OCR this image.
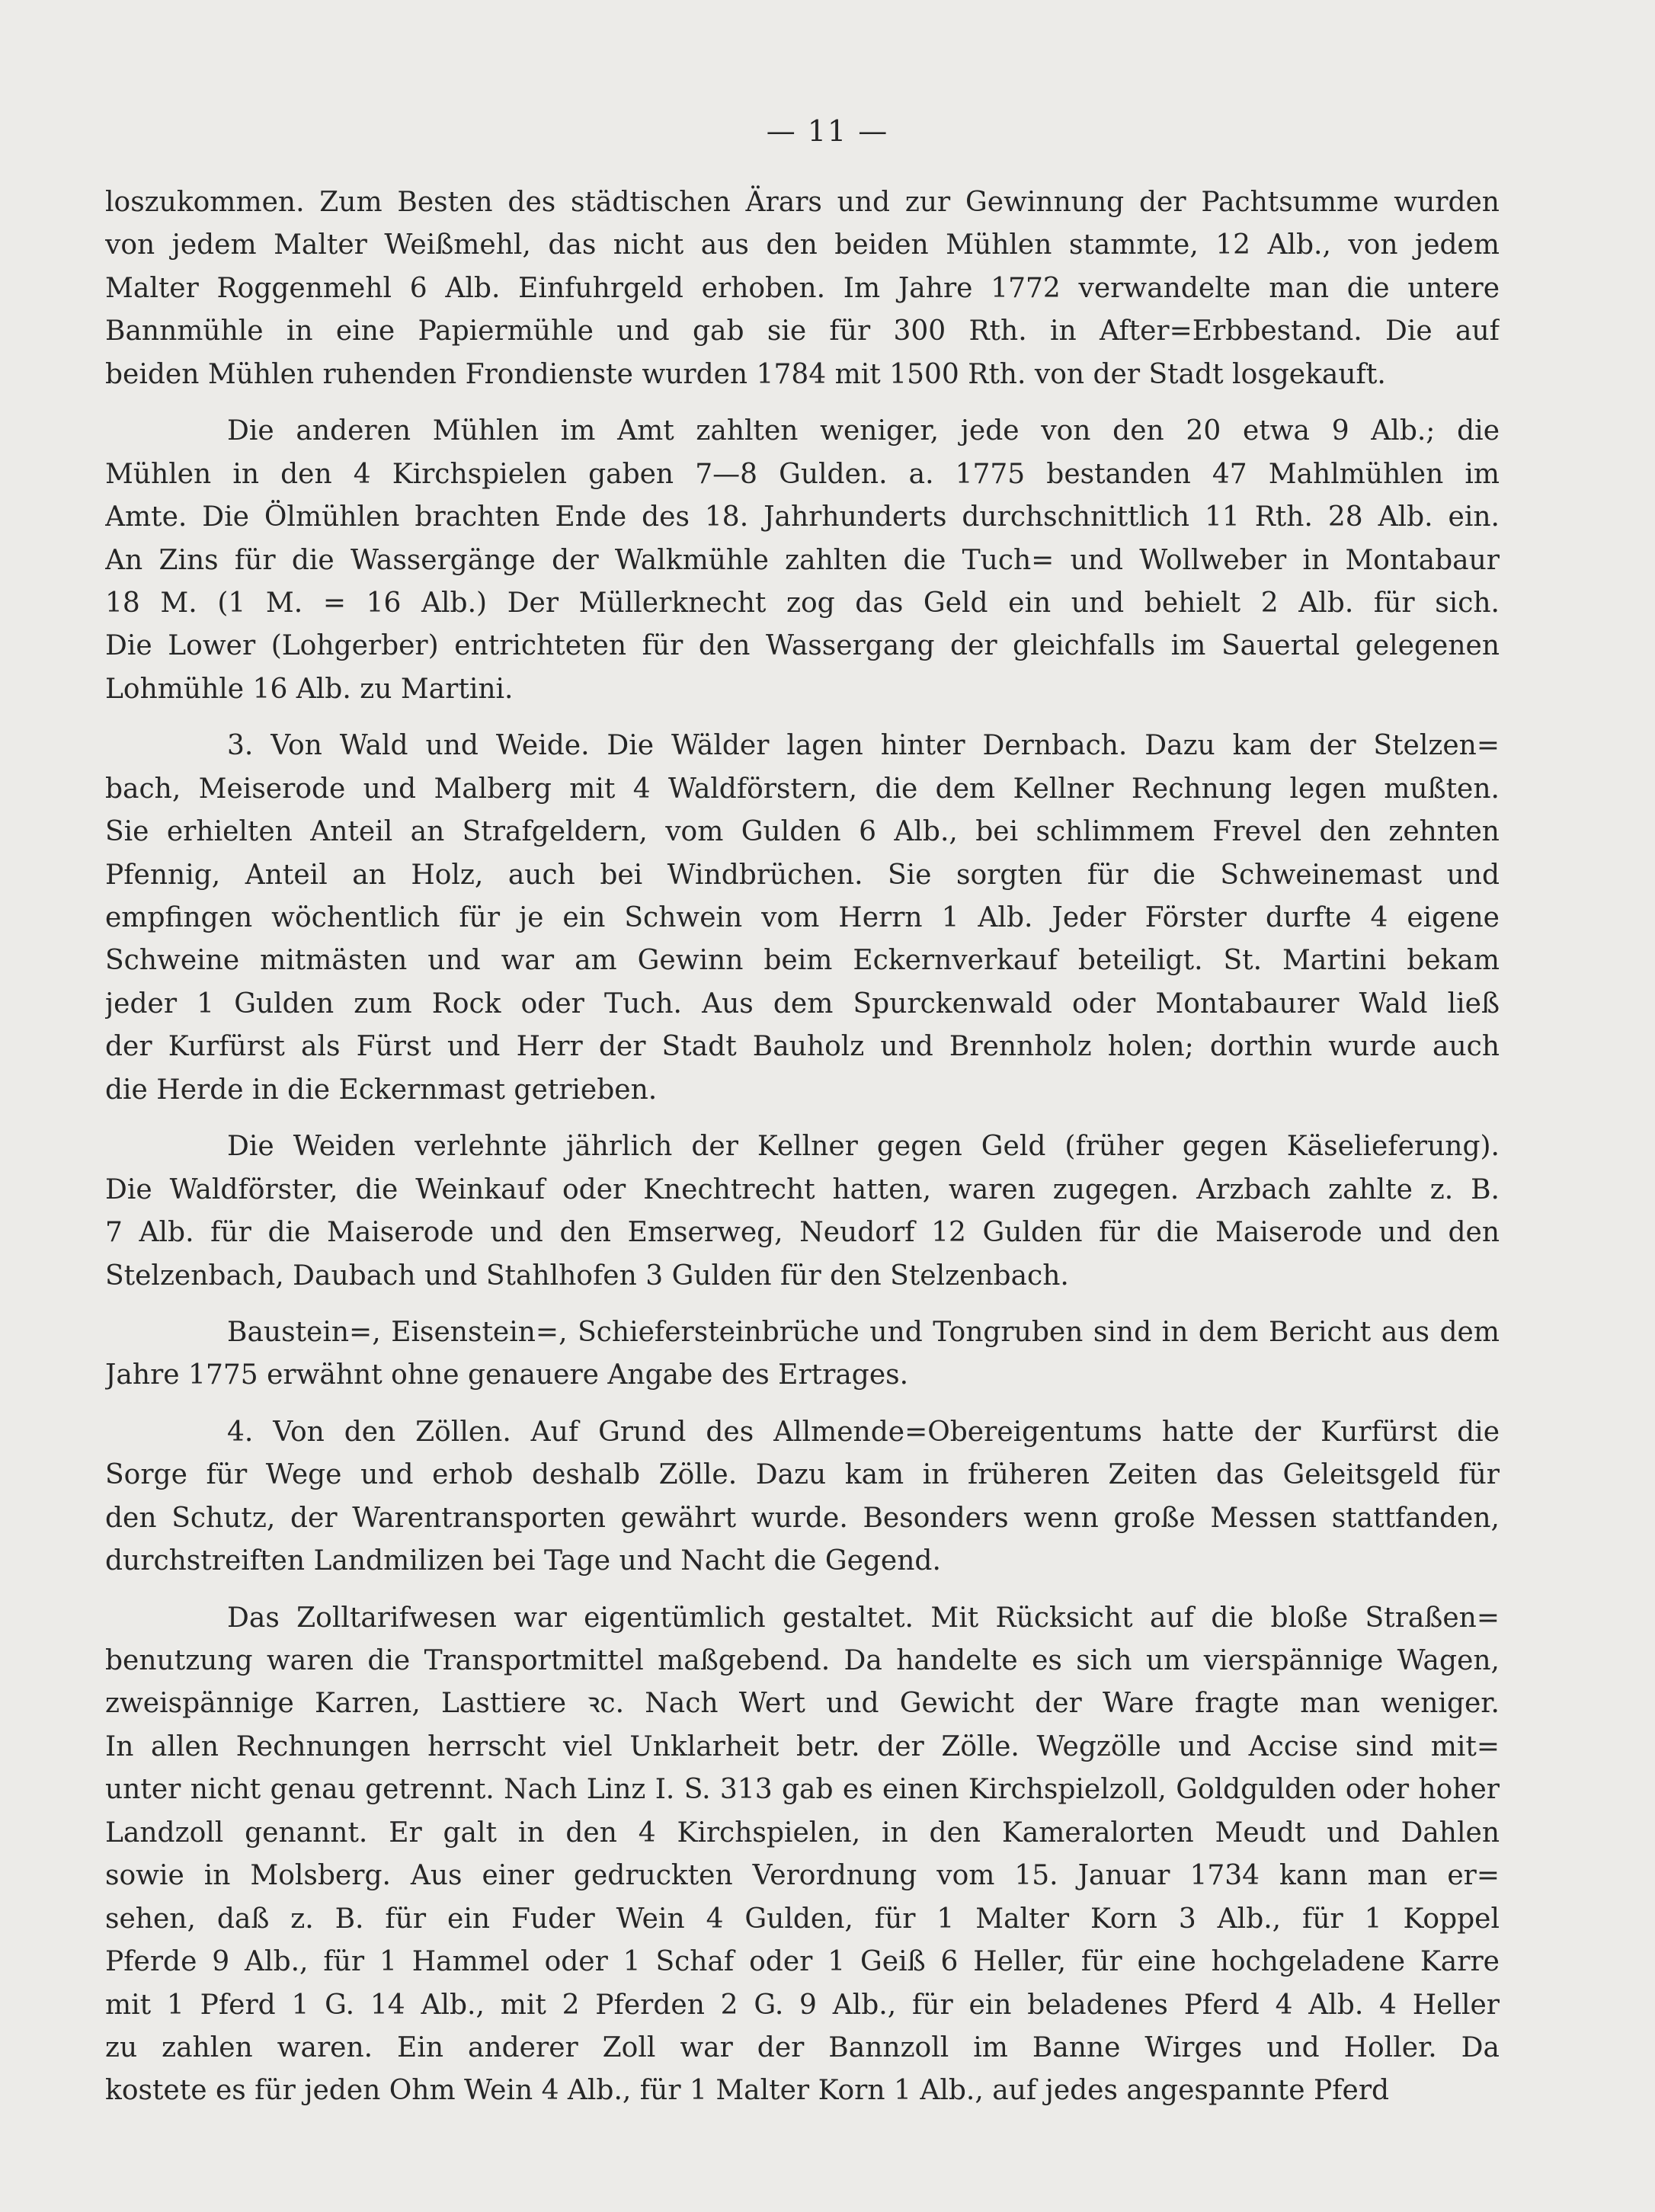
— 11 —
loszukommen. Zum Besten des städtischen Ärars und zur Gewinnung der Pachtsumme wurden
von jedem Malter Weißmehl, das nicht aus den beiden Mühlen stammte, 12 Alb., von jedem
Malter Roggenmehl 6 Alb. Einfuhrgeld erhoben. Im Jahre 1772 verwandelte man die untere
Bannmühle in eine Papiermühle und gab sie für 300 Rth. in After=Erbbestand. Die auf
beiden Mühlen ruhenden Frondienste wurden 1784 mit 1500 Rth. von der Stadt losgekauft.
Die anderen Mühlen im Amt zahlten weniger, jede von den 20 etwa 9 Alb.; die
Mühlen in den 4 Kirchspielen gaben 7—8 Gulden. a. 1775 bestanden 47 Mahlmühlen im
Amte. Die Ölmühlen brachten Ende des 18. Jahrhunderts durchschnittlich 11 Rth. 28 Alb. ein.
An Zins für die Wassergänge der Walkmühle zahlten die Tuch= und Wollweber in Montabaur
18 M. (1 M. = 16 Alb.) Der Müllerknecht zog das Geld ein und behielt 2 Alb. für sich.
Die Lower (Lohgerber) entrichteten für den Wassergang der gleichfalls im Sauertal gelegenen
Lohmühle 16 Alb. zu Martini.
3. Von Wald und Weide. Die Wälder lagen hinter Dernbach. Dazu kam der Stelzen=
bach, Meiserode und Malberg mit 4 Waldförstern, die dem Kellner Rechnung legen mußten.
Sie erhielten Anteil an Strafgeldern, vom Gulden 6 Alb., bei schlimmem Frevel den zehnten
Pfennig, Anteil an Holz, auch bei Windbrüchen. Sie sorgten für die Schweinemast und
empfingen wöchentlich für je ein Schwein vom Herrn 1 Alb. Jeder Förster durfte 4 eigene
Schweine mitmästen und war am Gewinn beim Eckernverkauf beteiligt. St. Martini bekam
jeder 1 Gulden zum Rock oder Tuch. Aus dem Spurckenwald oder Montabaurer Wald ließ
der Kurfürst als Fürst und Herr der Stadt Bauholz und Brennholz holen; dorthin wurde auch
die Herde in die Eckernmast getrieben.
Die Weiden verlehnte jährlich der Kellner gegen Geld (früher gegen Käselieferung).
Die Waldförster, die Weinkauf oder Knechtrecht hatten, waren zugegen. Arzbach zahlte z. B.
7 Alb. für die Maiserode und den Emserweg, Neudorf 12 Gulden für die Maiserode und den
Stelzenbach, Daubach und Stahlhofen 3 Gulden für den Stelzenbach.
Baustein=, Eisenstein=, Schiefersteinbrüche und Tongruben sind in dem Bericht aus dem
Jahre 1775 erwähnt ohne genauere Angabe des Ertrages.
4. Von den Zöllen. Auf Grund des Allmende=Obereigentums hatte der Kurfürst die
Sorge für Wege und erhob deshalb Zölle. Dazu kam in früheren Zeiten das Geleitsgeld für
den Schutz, der Warentransporten gewährt wurde. Besonders wenn große Messen stattfanden,
durchstreiften Landmilizen bei Tage und Nacht die Gegend.
Das Zolltarifwesen war eigentümlich gestaltet. Mit Rücksicht auf die bloße Straßen=
benutzung waren die Transportmittel maßgebend. Da handelte es sich um vierspännige Wagen,
zweispännige Karren, Lasttiere ꝛc. Nach Wert und Gewicht der Ware fragte man weniger.
In allen Rechnungen herrscht viel Unklarheit betr. der Zölle. Wegzölle und Accise sind mit=
unter nicht genau getrennt. Nach Linz I. S. 313 gab es einen Kirchspielzoll, Goldgulden oder hoher
Landzoll genannt. Er galt in den 4 Kirchspielen, in den Kameralorten Meudt und Dahlen
sowie in Molsberg. Aus einer gedruckten Verordnung vom 15. Januar 1734 kann man er=
sehen, daß z. B. für ein Fuder Wein 4 Gulden, für 1 Malter Korn 3 Alb., für 1 Koppel
Pferde 9 Alb., für 1 Hammel oder 1 Schaf oder 1 Geiß 6 Heller, für eine hochgeladene Karre
mit 1 Pferd 1 G. 14 Alb., mit 2 Pferden 2 G. 9 Alb., für ein beladenes Pferd 4 Alb. 4 Heller
zu zahlen waren. Ein anderer Zoll war der Bannzoll im Banne Wirges und Holler. Da
kostete es für jeden Ohm Wein 4 Alb., für 1 Malter Korn 1 Alb., auf jedes angespannte Pferd
